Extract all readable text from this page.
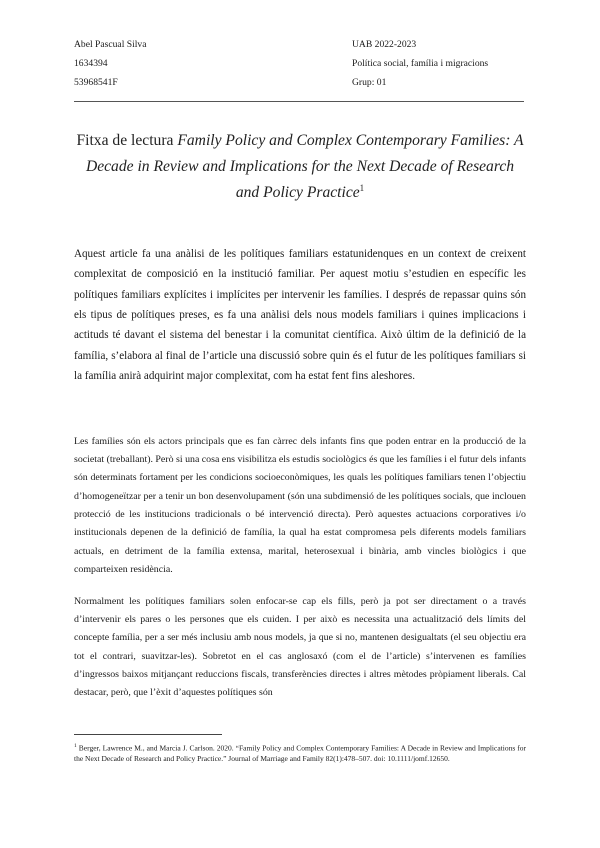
Abel Pascual Silva
1634394
53968541F
UAB 2022-2023
Política social, família i migracions
Grup: 01
Fitxa de lectura Family Policy and Complex Contemporary Families: A Decade in Review and Implications for the Next Decade of Research and Policy Practice$^1$

Aquest article fa una anàlisi de les polítiques familiars estatunidenques en un context de creixent complexitat de composició en la institució familiar. Per aquest motiu s’estudien en específic les polítiques familiars explícites i implícites per intervenir les famílies. I després de repassar quins són els tipus de polítiques preses, es fa una anàlisi dels nous models familiars i quines implicacions i actituds té davant el sistema del benestar i la comunitat científica. Això últim de la definició de la família, s’elabora al final de l’article una discussió sobre quin és el futur de les polítiques familiars si la família anirà adquirint major complexitat, com ha estat fent fins aleshores.

Les famílies són els actors principals que es fan càrrec dels infants fins que poden entrar en la producció de la societat (treballant). Però si una cosa ens visibilitza els estudis sociològics és que les famílies i el futur dels infants són determinats fortament per les condicions socioeconòmiques, les quals les polítiques familiars tenen l’objectiu d’homogeneïtzar per a tenir un bon desenvolupament (són una subdimensió de les polítiques socials, que inclouen protecció de les institucions tradicionals o bé intervenció directa). Però aquestes actuacions corporatives i/o institucionals depenen de la definició de família, la qual ha estat compromesa pels diferents models familiars actuals, en detriment de la família extensa, marital, heterosexual i binària, amb vincles biològics i que comparteixen residència.

Normalment les polítiques familiars solen enfocar-se cap els fills, però ja pot ser directament o a través d’intervenir els pares o les persones que els cuiden. I per això es necessita una actualització dels límits del concepte família, per a ser més inclusiu amb nous models, ja que si no, mantenen desigualtats (el seu objectiu era tot el contrari, suavitzar-les). Sobretot en el cas anglosaxó (com el de l’article) s’intervenen es famílies d’ingressos baixos mitjançant reduccions fiscals, transferències directes i altres mètodes pròpiament liberals. Cal destacar, però, que l’èxit d’aquestes polítiques són

$^1$ Berger, Lawrence M., and Marcia J. Carlson. 2020. “Family Policy and Complex Contemporary Families: A Decade in Review and Implications for the Next Decade of Research and Policy Practice.” Journal of Marriage and Family 82(1):478–507. doi: 10.1111/jomf.12650.
